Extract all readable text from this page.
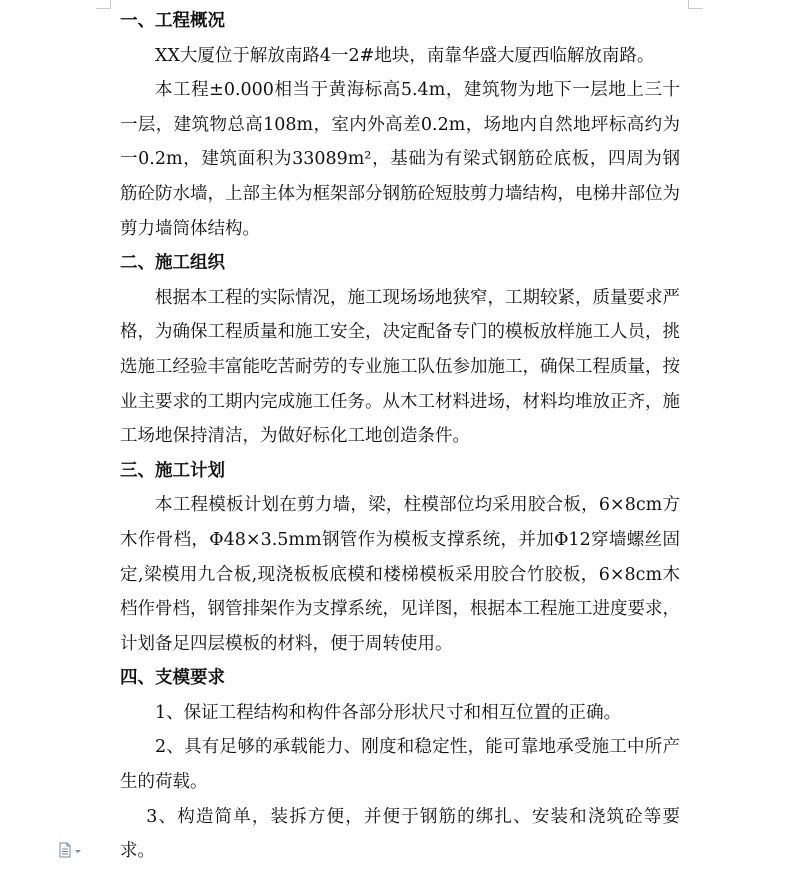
一、工程概况

XX大厦位于解放南路4一2#地块，南靠华盛大厦西临解放南路。

本工程±0.000相当于黄海标高5.4m，建筑物为地下一层地上三十一层，建筑物总高108m，室内外高差0.2m，场地内自然地坪标高约为一0.2m，建筑面积为33089m²，基础为有梁式钢筋砼底板，四周为钢筋砼防水墙，上部主体为框架部分钢筋砼短肢剪力墙结构，电梯井部位为剪力墙筒体结构。

二、施工组织

根据本工程的实际情况，施工现场场地狭窄，工期较紧，质量要求严格，为确保工程质量和施工安全，决定配备专门的模板放样施工人员，挑选施工经验丰富能吃苦耐劳的专业施工队伍参加施工，确保工程质量，按业主要求的工期内完成施工任务。从木工材料进场，材料均堆放正齐，施工场地保持清洁，为做好标化工地创造条件。

三、施工计划

本工程模板计划在剪力墙，梁，柱模部位均采用胶合板，6×8cm方木作骨档，Φ48×3.5mm钢管作为模板支撑系统，并加Φ12穿墙螺丝固定,梁模用九合板,现浇板板底模和楼梯模板采用胶合竹胶板，6×8cm木档作骨档，钢管排架作为支撑系统，见详图，根据本工程施工进度要求，计划备足四层模板的材料，便于周转使用。

四、支模要求

1、保证工程结构和构件各部分形状尺寸和相互位置的正确。

2、具有足够的承载能力、刚度和稳定性，能可靠地承受施工中所产生的荷载。

3、构造简单，装拆方便，并便于钢筋的绑扎、安装和浇筑砼等要求。
